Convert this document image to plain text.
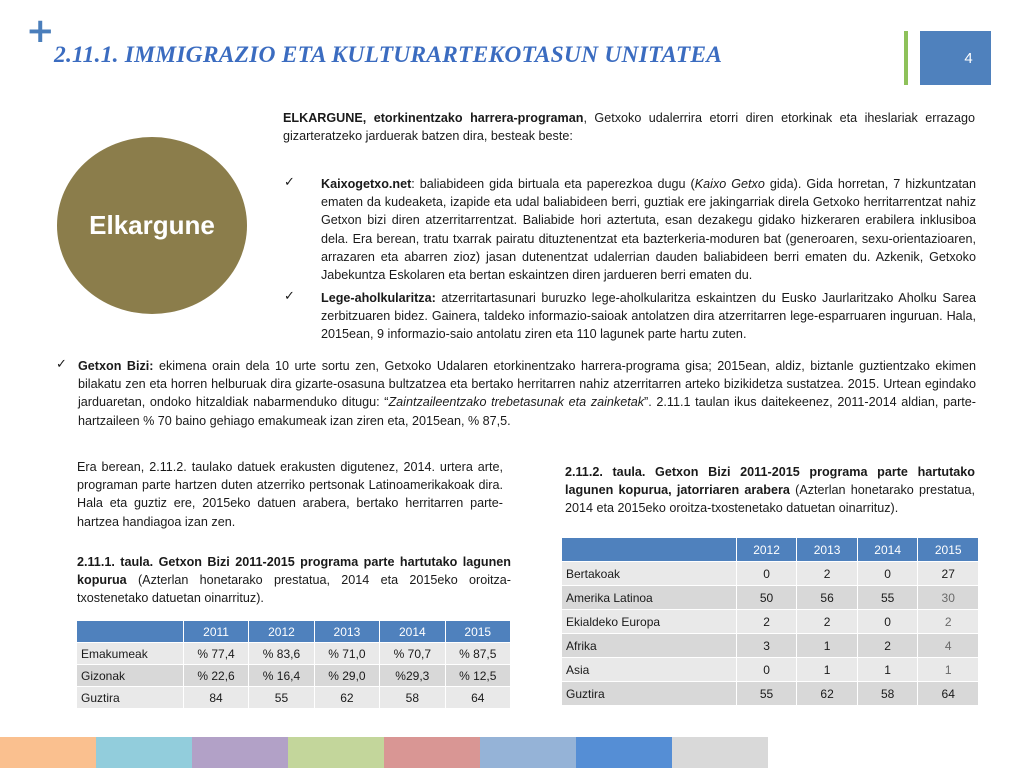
+
2.11.1. IMMIGRAZIO ETA KULTURARTEKOTASUN UNITATEA	4
Elkargune
ELKARGUNE, etorkinentzako harrera-programan, Getxoko udalerrira etorri diren etorkinak eta iheslariak errazago gizarteratzeko jarduerak batzen dira, besteak beste:
✓ Kaixogetxo.net: baliabideen gida birtuala eta paperezkoa dugu (Kaixo Getxo gida). Gida horretan, 7 hizkuntzatan ematen da kudeaketa, izapide eta udal baliabideen berri, guztiak ere jakingarriak direla Getxoko herritarrentzat nahiz Getxon bizi diren atzerritarrentzat. Baliabide hori aztertuta, esan dezakegu gidako hizkeraren erabilera inklusiboa dela. Era berean, tratu txarrak pairatu dituztenentzat eta bazterkeria-moduren bat (generoaren, sexu-orientazioaren, arrazaren eta abarren zioz) jasan dutenentzat udalerrian dauden baliabideen berri ematen du. Azkenik, Getxoko Jabekuntza Eskolaren eta bertan eskaintzen diren jardueren berri ematen du.
✓ Lege-aholkularitza: atzerritartasunari buruzko lege-aholkularitza eskaintzen du Eusko Jaurlaritzako Aholku Sarea zerbitzuaren bidez. Gainera, taldeko informazio-saioak antolatzen dira atzerritarren lege-esparruaren inguruan. Hala, 2015ean, 9 informazio-saio antolatu ziren eta 110 lagunek parte hartu zuten.
✓ Getxon Bizi: ekimena orain dela 10 urte sortu zen, Getxoko Udalaren etorkinentzako harrera-programa gisa; 2015ean, aldiz, biztanle guztientzako ekimen bilakatu zen eta horren helburuak dira gizarte-osasuna bultzatzea eta bertako herritarren nahiz atzerritarren arteko bizikidetza sustatzea. 2015. Urtean egindako jarduaretan, ondoko hitzaldiak nabarmenduko ditugu: “Zaintzaileentzako trebetasunak eta zainketak”. 2.11.1 taulan ikus daitekeenez, 2011-2014 aldian, parte-hartzaileen % 70 baino gehiago emakumeak izan ziren eta, 2015ean, % 87,5.
Era berean, 2.11.2. taulako datuek erakusten digutenez, 2014. urtera arte, programan parte hartzen duten atzerriko pertsonak Latinoamerikakoak dira. Hala eta guztiz ere, 2015eko datuen arabera, bertako herritarren parte-hartzea handiagoa izan zen.
2.11.1. taula. Getxon Bizi 2011-2015 programa parte hartutako lagunen kopurua (Azterlan honetarako prestatua, 2014 eta 2015eko oroitza-txostenetako datuetan oinarrituz).
2.11.2. taula. Getxon Bizi 2011-2015 programa parte hartutako lagunen kopurua, jatorriaren arabera (Azterlan honetarako prestatua, 2014 eta 2015eko oroitza-txostenetako datuetan oinarrituz).
	2011	2012	2013	2014	2015
Emakumeak	% 77,4	% 83,6	% 71,0	% 70,7	% 87,5
Gizonak	% 22,6	% 16,4	% 29,0	%29,3	% 12,5
Guztira	84	55	62	58	64
	2012	2013	2014	2015
Bertakoak	0	2	0	27
Amerika Latinoa	50	56	55	30
Ekialdeko Europa	2	2	0	2
Afrika	3	1	2	4
Asia	0	1	1	1
Guztira	55	62	58	64
